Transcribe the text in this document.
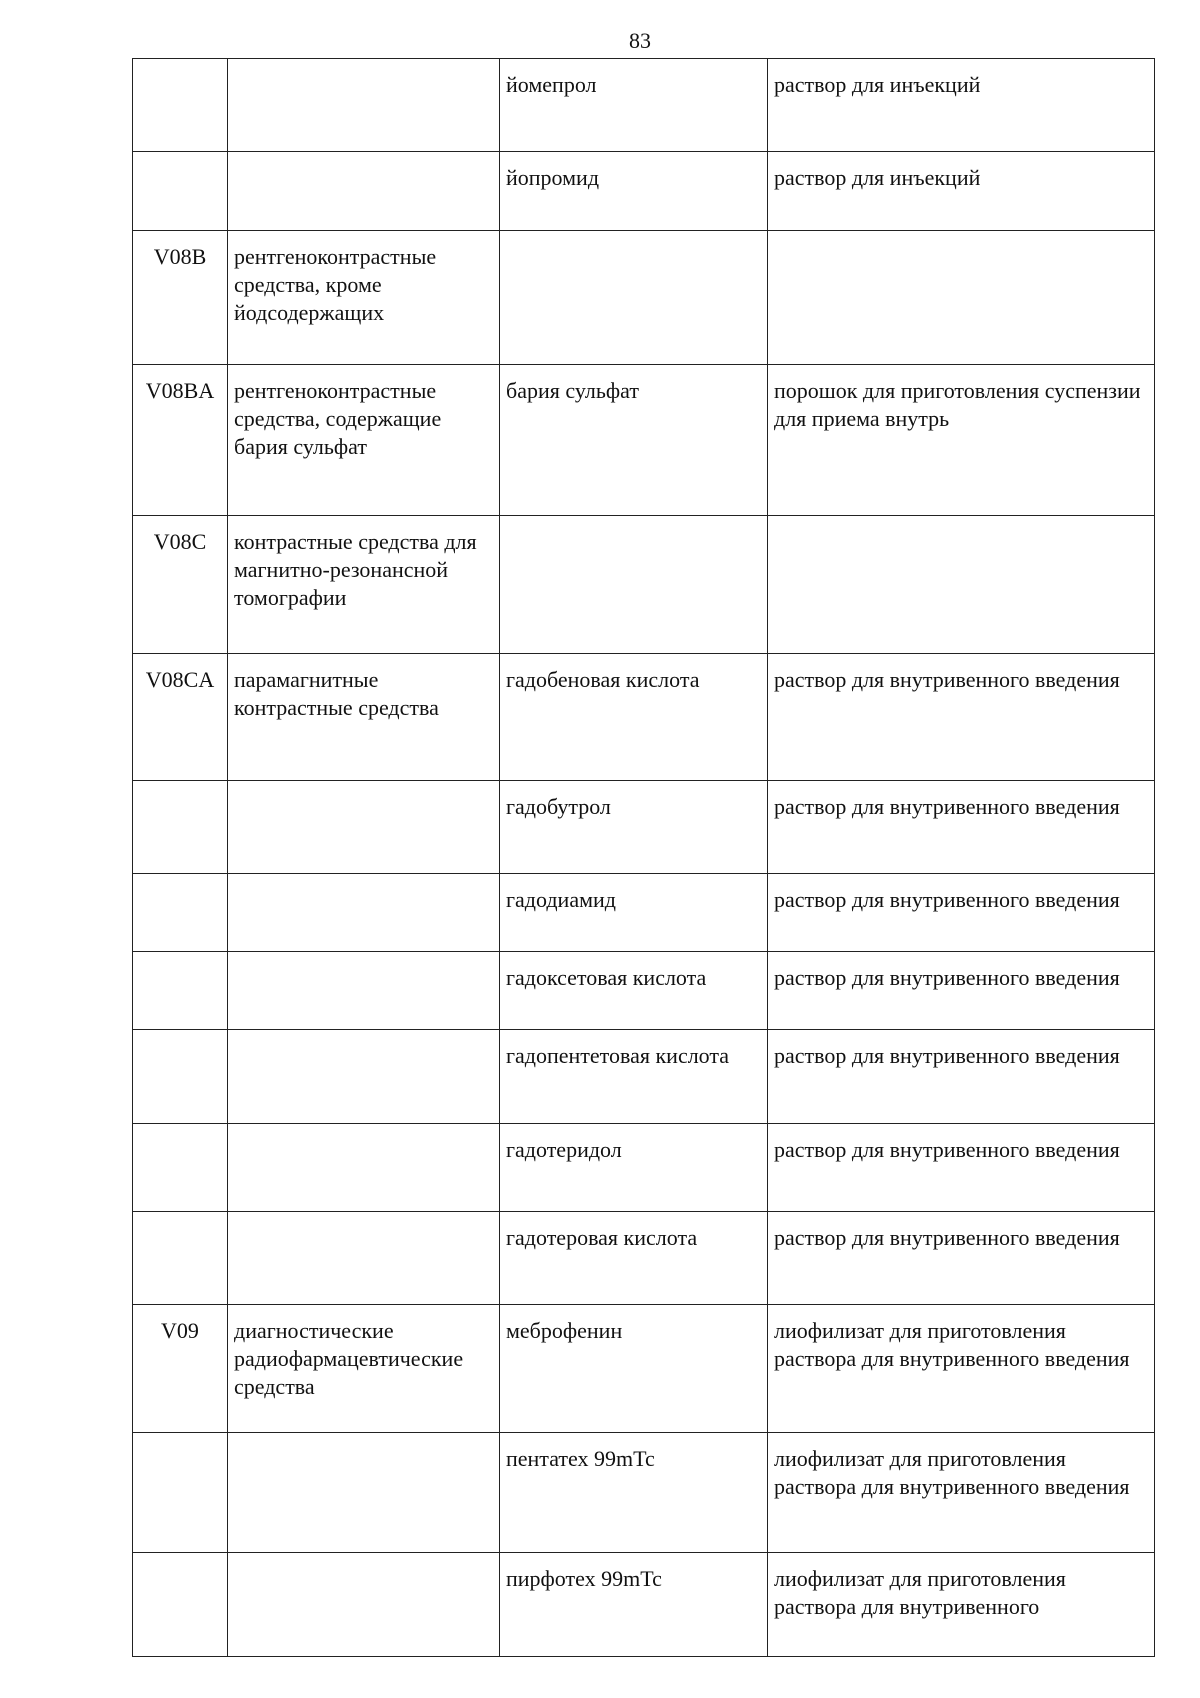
83
		йомепрол	раствор для инъекций
		йопромид	раствор для инъекций
V08B	рентгеноконтрастные средства, кроме йодсодержащих		
V08BA	рентгеноконтрастные средства, содержащие бария сульфат	бария сульфат	порошок для приготовления суспензии для приема внутрь
V08C	контрастные средства для магнитно-резонансной томографии		
V08CA	парамагнитные контрастные средства	гадобеновая кислота	раствор для внутривенного введения
		гадобутрол	раствор для внутривенного введения
		гадодиамид	раствор для внутривенного введения
		гадоксетовая кислота	раствор для внутривенного введения
		гадопентетовая кислота	раствор для внутривенного введения
		гадотеридол	раствор для внутривенного введения
		гадотеровая кислота	раствор для внутривенного введения
V09	диагностические радиофармацевтические средства	меброфенин	лиофилизат для приготовления раствора для внутривенного введения
		пентатех 99mTc	лиофилизат для приготовления раствора для внутривенного введения
		пирфотех 99mTc	лиофилизат для приготовления раствора для внутривенного
